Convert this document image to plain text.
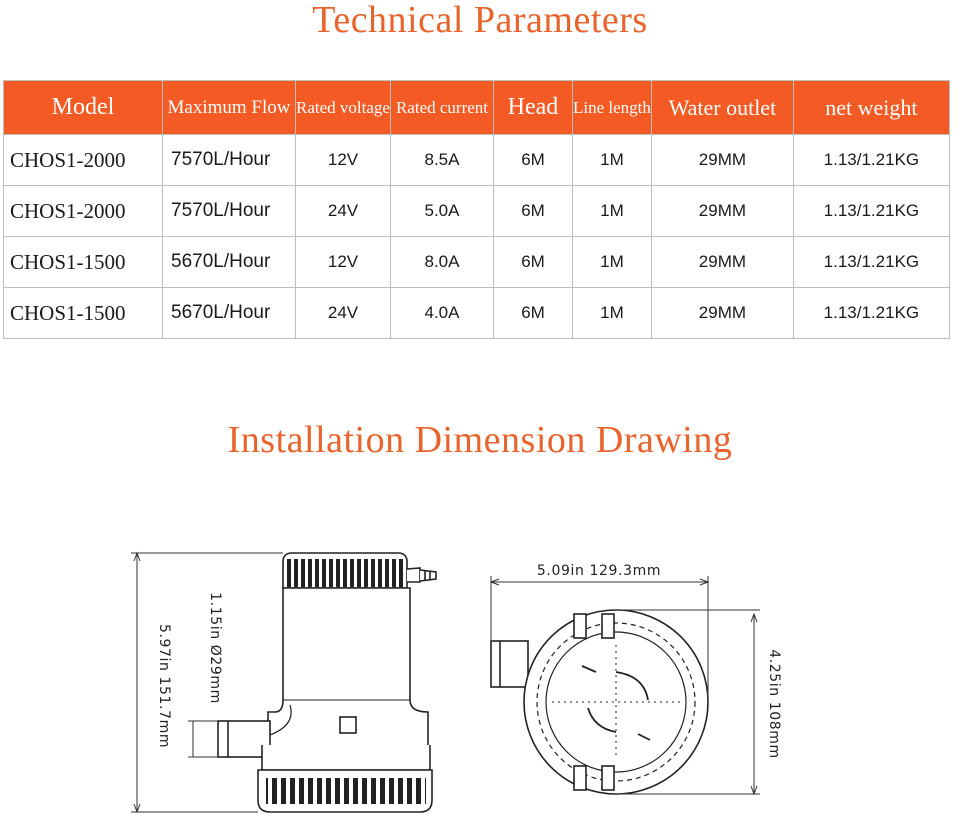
Technical Parameters
Model	Maximum Flow	Rated voltage	Rated current	Head	Line length	Water outlet	net weight
CHOS1-2000	7570L/Hour	12V	8.5A	6M	1M	29MM	1.13/1.21KG
CHOS1-2000	7570L/Hour	24V	5.0A	6M	1M	29MM	1.13/1.21KG
CHOS1-1500	5670L/Hour	12V	8.0A	6M	1M	29MM	1.13/1.21KG
CHOS1-1500	5670L/Hour	24V	4.0A	6M	1M	29MM	1.13/1.21KG
Installation Dimension Drawing
5.97in 151.7mm	1.15in Ø29mm
5.09in 129.3mm
4.25in 108mm
